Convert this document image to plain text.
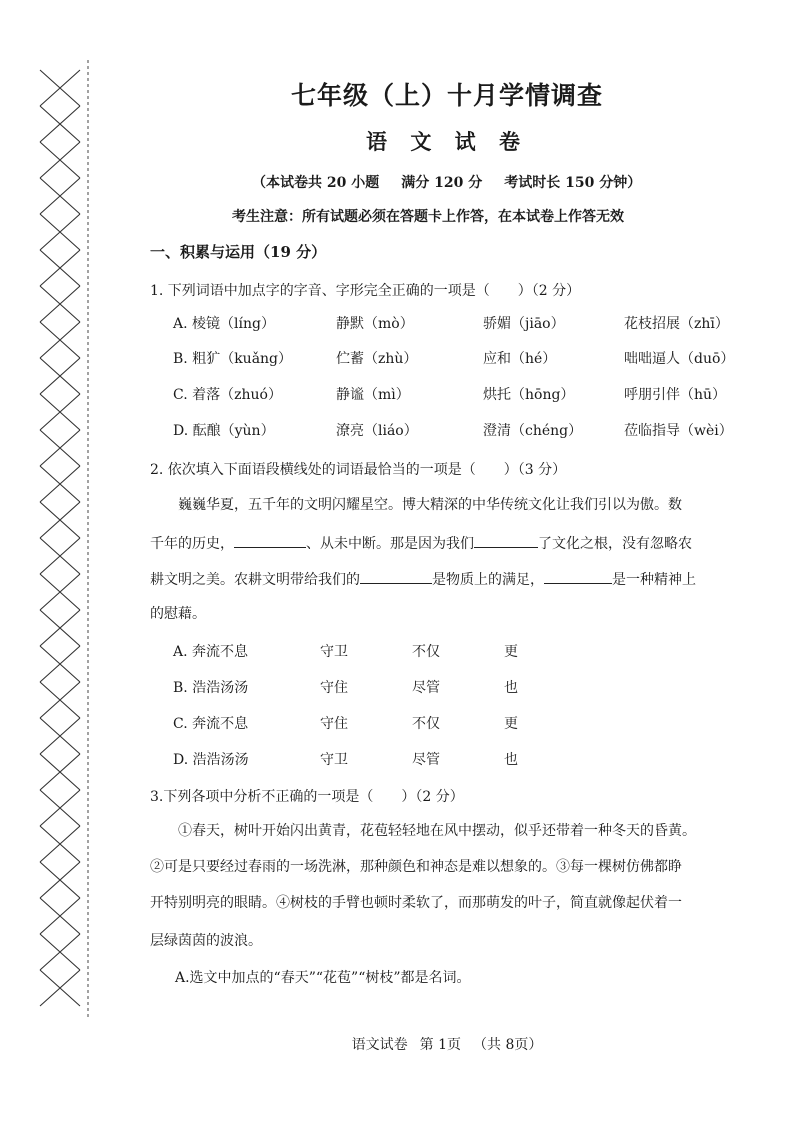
七年级（上）十月学情调查
语 文 试 卷
（本试卷共 20 小题 满分 120 分 考试时长 150 分钟）
考生注意：所有试题必须在答题卡上作答，在本试卷上作答无效
一、积累与运用（19 分）
1. 下列词语中加点字的字音、字形完全正确的一项是（　　）（2 分）
A. 棱镜（líng）	静默（mò）	骄媚（jiāo）	花枝招展（zhī）
B. 粗犷（kuǎng）	伫蓄（zhù）	应和（hé）	咄咄逼人（duō）
C. 着落（zhuó）	静谧（mì）	烘托（hōng）	呼朋引伴（hū）
D. 酝酿（yùn）	潦亮（liáo）	澄清（chéng）	莅临指导（wèi）
2. 依次填入下面语段横线处的词语最恰当的一项是（　　）（3 分）
巍巍华夏，五千年的文明闪耀星空。博大精深的中华传统文化让我们引以为傲。数
千年的历史，	、从未中断。那是因为我们	了文化之根，没有忽略农
耕文明之美。农耕文明带给我们的	是物质上的满足，	是一种精神上
的慰藉。
A. 奔流不息	守卫	不仅	更
B. 浩浩汤汤	守住	尽管	也
C. 奔流不息	守住	不仅	更
D. 浩浩汤汤	守卫	尽管	也
3.下列各项中分析不正确的一项是（　　）（2 分）
①春天，树叶开始闪出黄青，花苞轻轻地在风中摆动，似乎还带着一种冬天的昏黄。
②可是只要经过春雨的一场洗淋，那种颜色和神态是难以想象的。③每一棵树仿佛都睁
开特别明亮的眼睛。④树枝的手臂也顿时柔软了，而那萌发的叶子，简直就像起伏着一
层绿茵茵的波浪。
A.选文中加点的“春天”“花苞”“树枝”都是名词。
语文试卷 第 1页 （共 8页）
